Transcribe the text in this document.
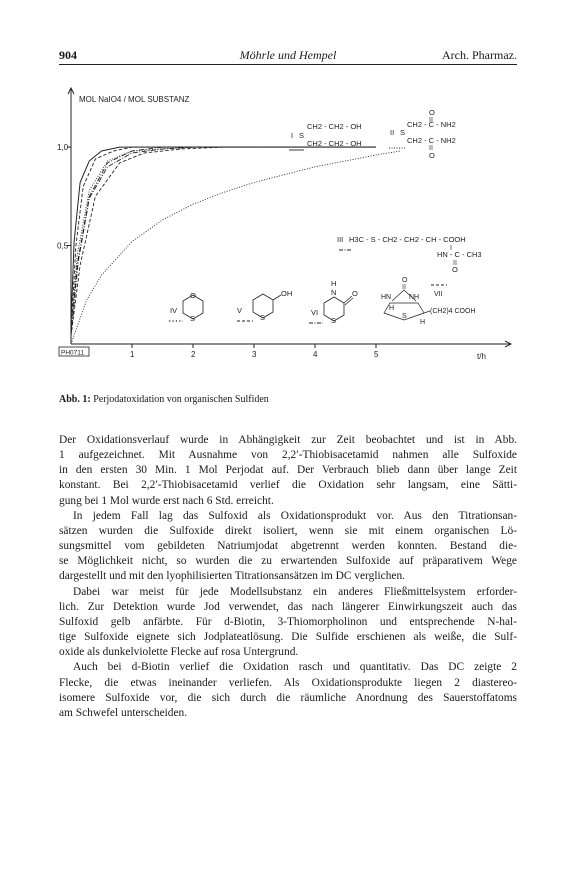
904	Möhrle und Hempel	Arch. Pharmaz.
MOL NaIO4 / MOL SUBSTANZ
t/h
PH0711	1	2	3	4	5
1,0
0,5
I S
CH2 - CH2 - OH
CH2 - CH2 - OH
O
II S
CH2 - C - NH2
CH2 - C - NH2
O
III H3C - S - CH2 - CH2 - CH - COOH
HN - C - CH3
O
IV
O
S
V
OH
S
H
N
VI
O
S
O
VII
HN	NH
H
S
(CH2)4 COOH
H
Abb. 1: Perjodatoxidation von organischen Sulfiden
Der Oxidationsverlauf wurde in Abhängigkeit zur Zeit beobachtet und ist in Abb.
1 aufgezeichnet. Mit Ausnahme von 2,2′-Thiobisacetamid nahmen alle Sulfoxide
in den ersten 30 Min. 1 Mol Perjodat auf. Der Verbrauch blieb dann über lange Zeit
konstant. Bei 2,2′-Thiobisacetamid verlief die Oxidation sehr langsam, eine Sätti-
gung bei 1 Mol wurde erst nach 6 Std. erreicht.
In jedem Fall lag das Sulfoxid als Oxidationsprodukt vor. Aus den Titrationsan-
sätzen wurden die Sulfoxide direkt isoliert, wenn sie mit einem organischen Lö-
sungsmittel vom gebildeten Natriumjodat abgetrennt werden konnten. Bestand die-
se Möglichkeit nicht, so wurden die zu erwartenden Sulfoxide auf präparativem Wege
dargestellt und mit den lyophilisierten Titrationsansätzen im DC verglichen.
Dabei war meist für jede Modellsubstanz ein anderes Fließmittelsystem erforder-
lich. Zur Detektion wurde Jod verwendet, das nach längerer Einwirkungszeit auch das
Sulfoxid gelb anfärbte. Für d-Biotin, 3-Thiomorpholinon und entsprechende N-hal-
tige Sulfoxide eignete sich Jodplateatlösung. Die Sulfide erschienen als weiße, die Sulf-
oxide als dunkelviolette Flecke auf rosa Untergrund.
Auch bei d-Biotin verlief die Oxidation rasch und quantitativ. Das DC zeigte 2
Flecke, die etwas ineinander verliefen. Als Oxidationsprodukte liegen 2 diastereo-
isomere Sulfoxide vor, die sich durch die räumliche Anordnung des Sauerstoffatoms
am Schwefel unterscheiden.
